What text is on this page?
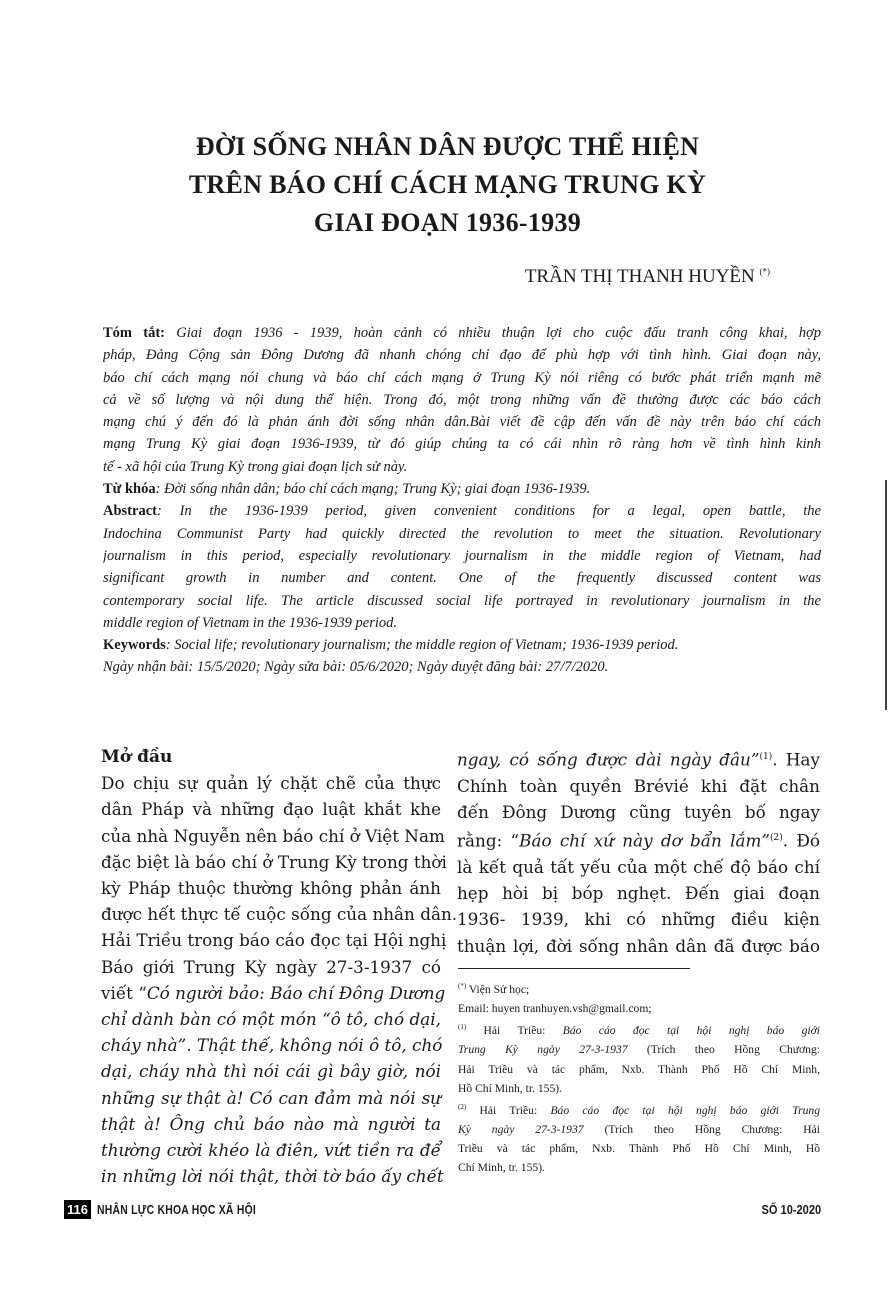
ĐỜI SỐNG NHÂN DÂN ĐƯỢC THỂ HIỆN
TRÊN BÁO CHÍ CÁCH MẠNG TRUNG KỲ
GIAI ĐOẠN 1936-1939
TRẦN THỊ THANH HUYỀN (*)
Tóm tắt: Giai đoạn 1936 - 1939, hoàn cảnh có nhiều thuận lợi cho cuộc đấu tranh công khai, hợp
pháp, Đảng Cộng sản Đông Dương đã nhanh chóng chỉ đạo để phù hợp với tình hình. Giai đoạn này,
báo chí cách mạng nói chung và báo chí cách mạng ở Trung Kỳ nói riêng có bước phát triển mạnh mẽ
cả về số lượng và nội dung thể hiện. Trong đó, một trong những vấn đề thường được các báo cách
mạng chú ý đến đó là phản ánh đời sống nhân dân.Bài viết đề cập đến vấn đề này trên báo chí cách
mạng Trung Kỳ giai đoạn 1936-1939, từ đó giúp chúng ta có cái nhìn rõ ràng hơn về tình hình kinh
tế - xã hội của Trung Kỳ trong giai đoạn lịch sử này.
Từ khóa: Đời sống nhân dân; báo chí cách mạng; Trung Kỳ; giai đoạn 1936-1939.
Abstract: In the 1936-1939 period, given convenient conditions for a legal, open battle, the
Indochina Communist Party had quickly directed the revolution to meet the situation. Revolutionary
journalism in this period, especially revolutionary journalism in the middle region of Vietnam, had
significant growth in number and content. One of the frequently discussed content was
contemporary social life. The article discussed social life portrayed in revolutionary journalism in the
middle region of Vietnam in the 1936-1939 period.
Keywords: Social life; revolutionary journalism; the middle region of Vietnam; 1936-1939 period.
Ngày nhận bài: 15/5/2020; Ngày sửa bài: 05/6/2020; Ngày duyệt đăng bài: 27/7/2020.
Mở đầu
Do chịu sự quản lý chặt chẽ của thực
dân Pháp và những đạo luật khắt khe
của nhà Nguyễn nên báo chí ở Việt Nam
đặc biệt là báo chí ở Trung Kỳ trong thời
kỳ Pháp thuộc thường không phản ánh
được hết thực tế cuộc sống của nhân dân.
Hải Triều trong báo cáo đọc tại Hội nghị
Báo giới Trung Kỳ ngày 27-3-1937 có
viết “Có người bảo: Báo chí Đông Dương
chỉ dành bàn có một món “ô tô, chó dại,
cháy nhà”. Thật thế, không nói ô tô, chó
dại, cháy nhà thì nói cái gì bây giờ, nói
những sự thật à! Có can đảm mà nói sự
thật à! Ông chủ báo nào mà người ta
thường cười khéo là điên, vứt tiền ra để
in những lời nói thật, thời tờ báo ấy chết
ngay, có sống được dài ngày đâu”$^{(1)}$. Hay
Chính toàn quyền Brévié khi đặt chân
đến Đông Dương cũng tuyên bố ngay
rằng: “Báo chí xứ này dơ bẩn lắm”$^{(2)}$. Đó
là kết quả tất yếu của một chế độ báo chí
hẹp hòi bị bóp nghẹt. Đến giai đoạn
1936- 1939, khi có những điều kiện
thuận lợi, đời sống nhân dân đã được báo
(*) Viện Sử học;
Email: huyen tranhuyen.vsh@gmail.com;
$^{(1)}$ Hải Triều: Báo cáo đọc tại hội nghị báo giới
Trung Kỳ ngày 27-3-1937 (Trích theo Hồng Chương:
Hải Triều và tác phẩm, Nxb. Thành Phố Hồ Chí Minh,
Hồ Chí Minh, tr. 155).
$^{(2)}$ Hải Triều: Báo cáo đọc tại hội nghị báo giới Trung
Kỳ ngày 27-3-1937 (Trích theo Hồng Chương: Hải
Triều và tác phẩm, Nxb. Thành Phố Hồ Chí Minh, Hồ
Chí Minh, tr. 155).
116 NHÂN LỰC KHOA HỌC XÃ HỘI	SỐ 10-2020
